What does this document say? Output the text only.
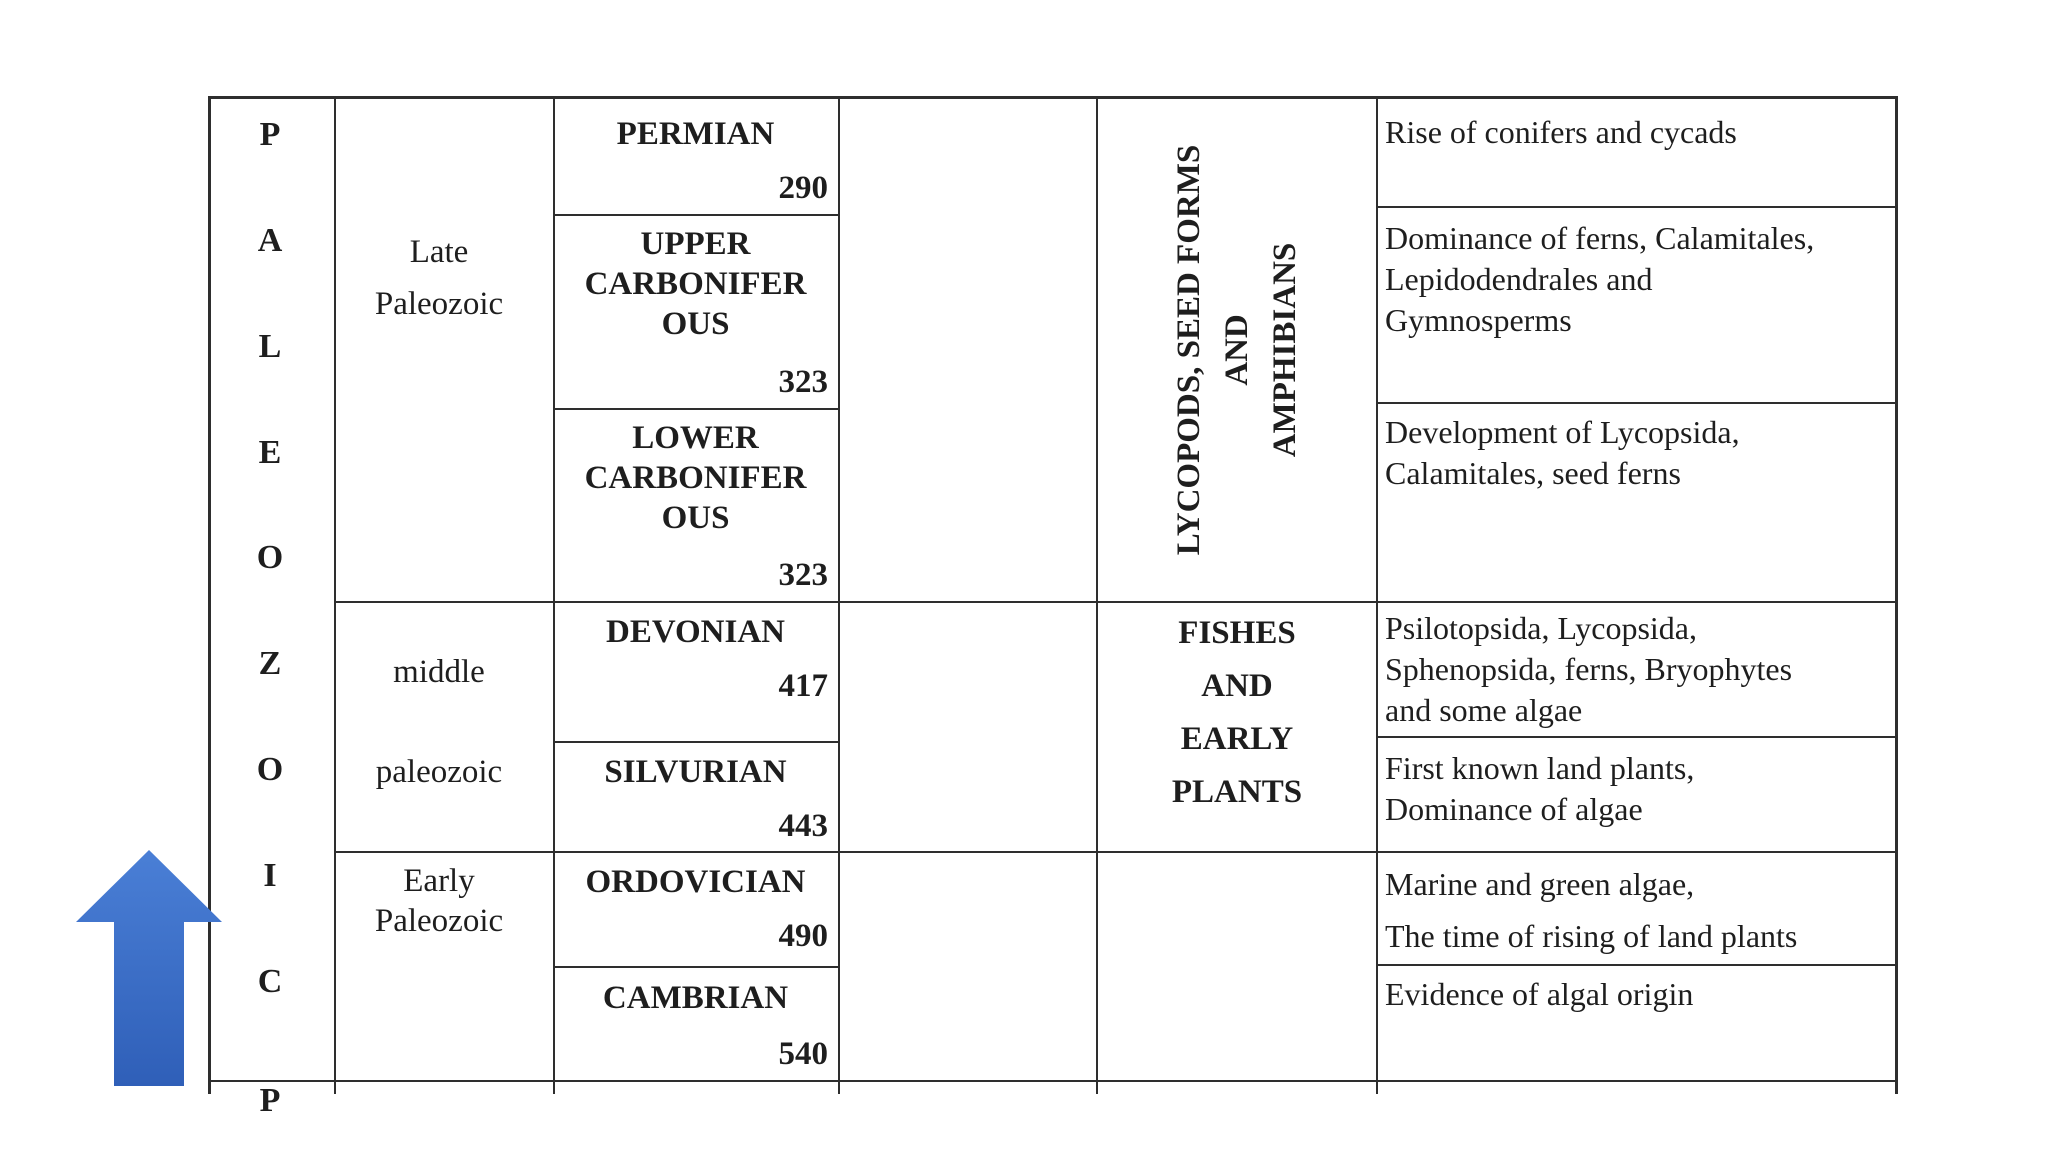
P
A
L
E
O
Z
O
I
C
Late
Paleozoic
middle
paleozoic
Early
Paleozoic
PERMIAN
290
UPPER
CARBONIFER
OUS
323
LOWER
CARBONIFER
OUS
323
DEVONIAN
417
SILVURIAN
443
ORDOVICIAN
490
CAMBRIAN
540
LYCOPODS, SEED FORMS AND AMPHIBIANS
FISHES
AND
EARLY
PLANTS
Rise of conifers and cycads
Dominance of ferns, Calamitales,
Lepidodendrales and
Gymnosperms
Development of Lycopsida,
Calamitales, seed ferns
Psilotopsida, Lycopsida,
Sphenopsida, ferns, Bryophytes
and some algae
First known land plants,
Dominance of algae
Marine and green algae,
The time of rising of land plants
Evidence of algal origin
P
